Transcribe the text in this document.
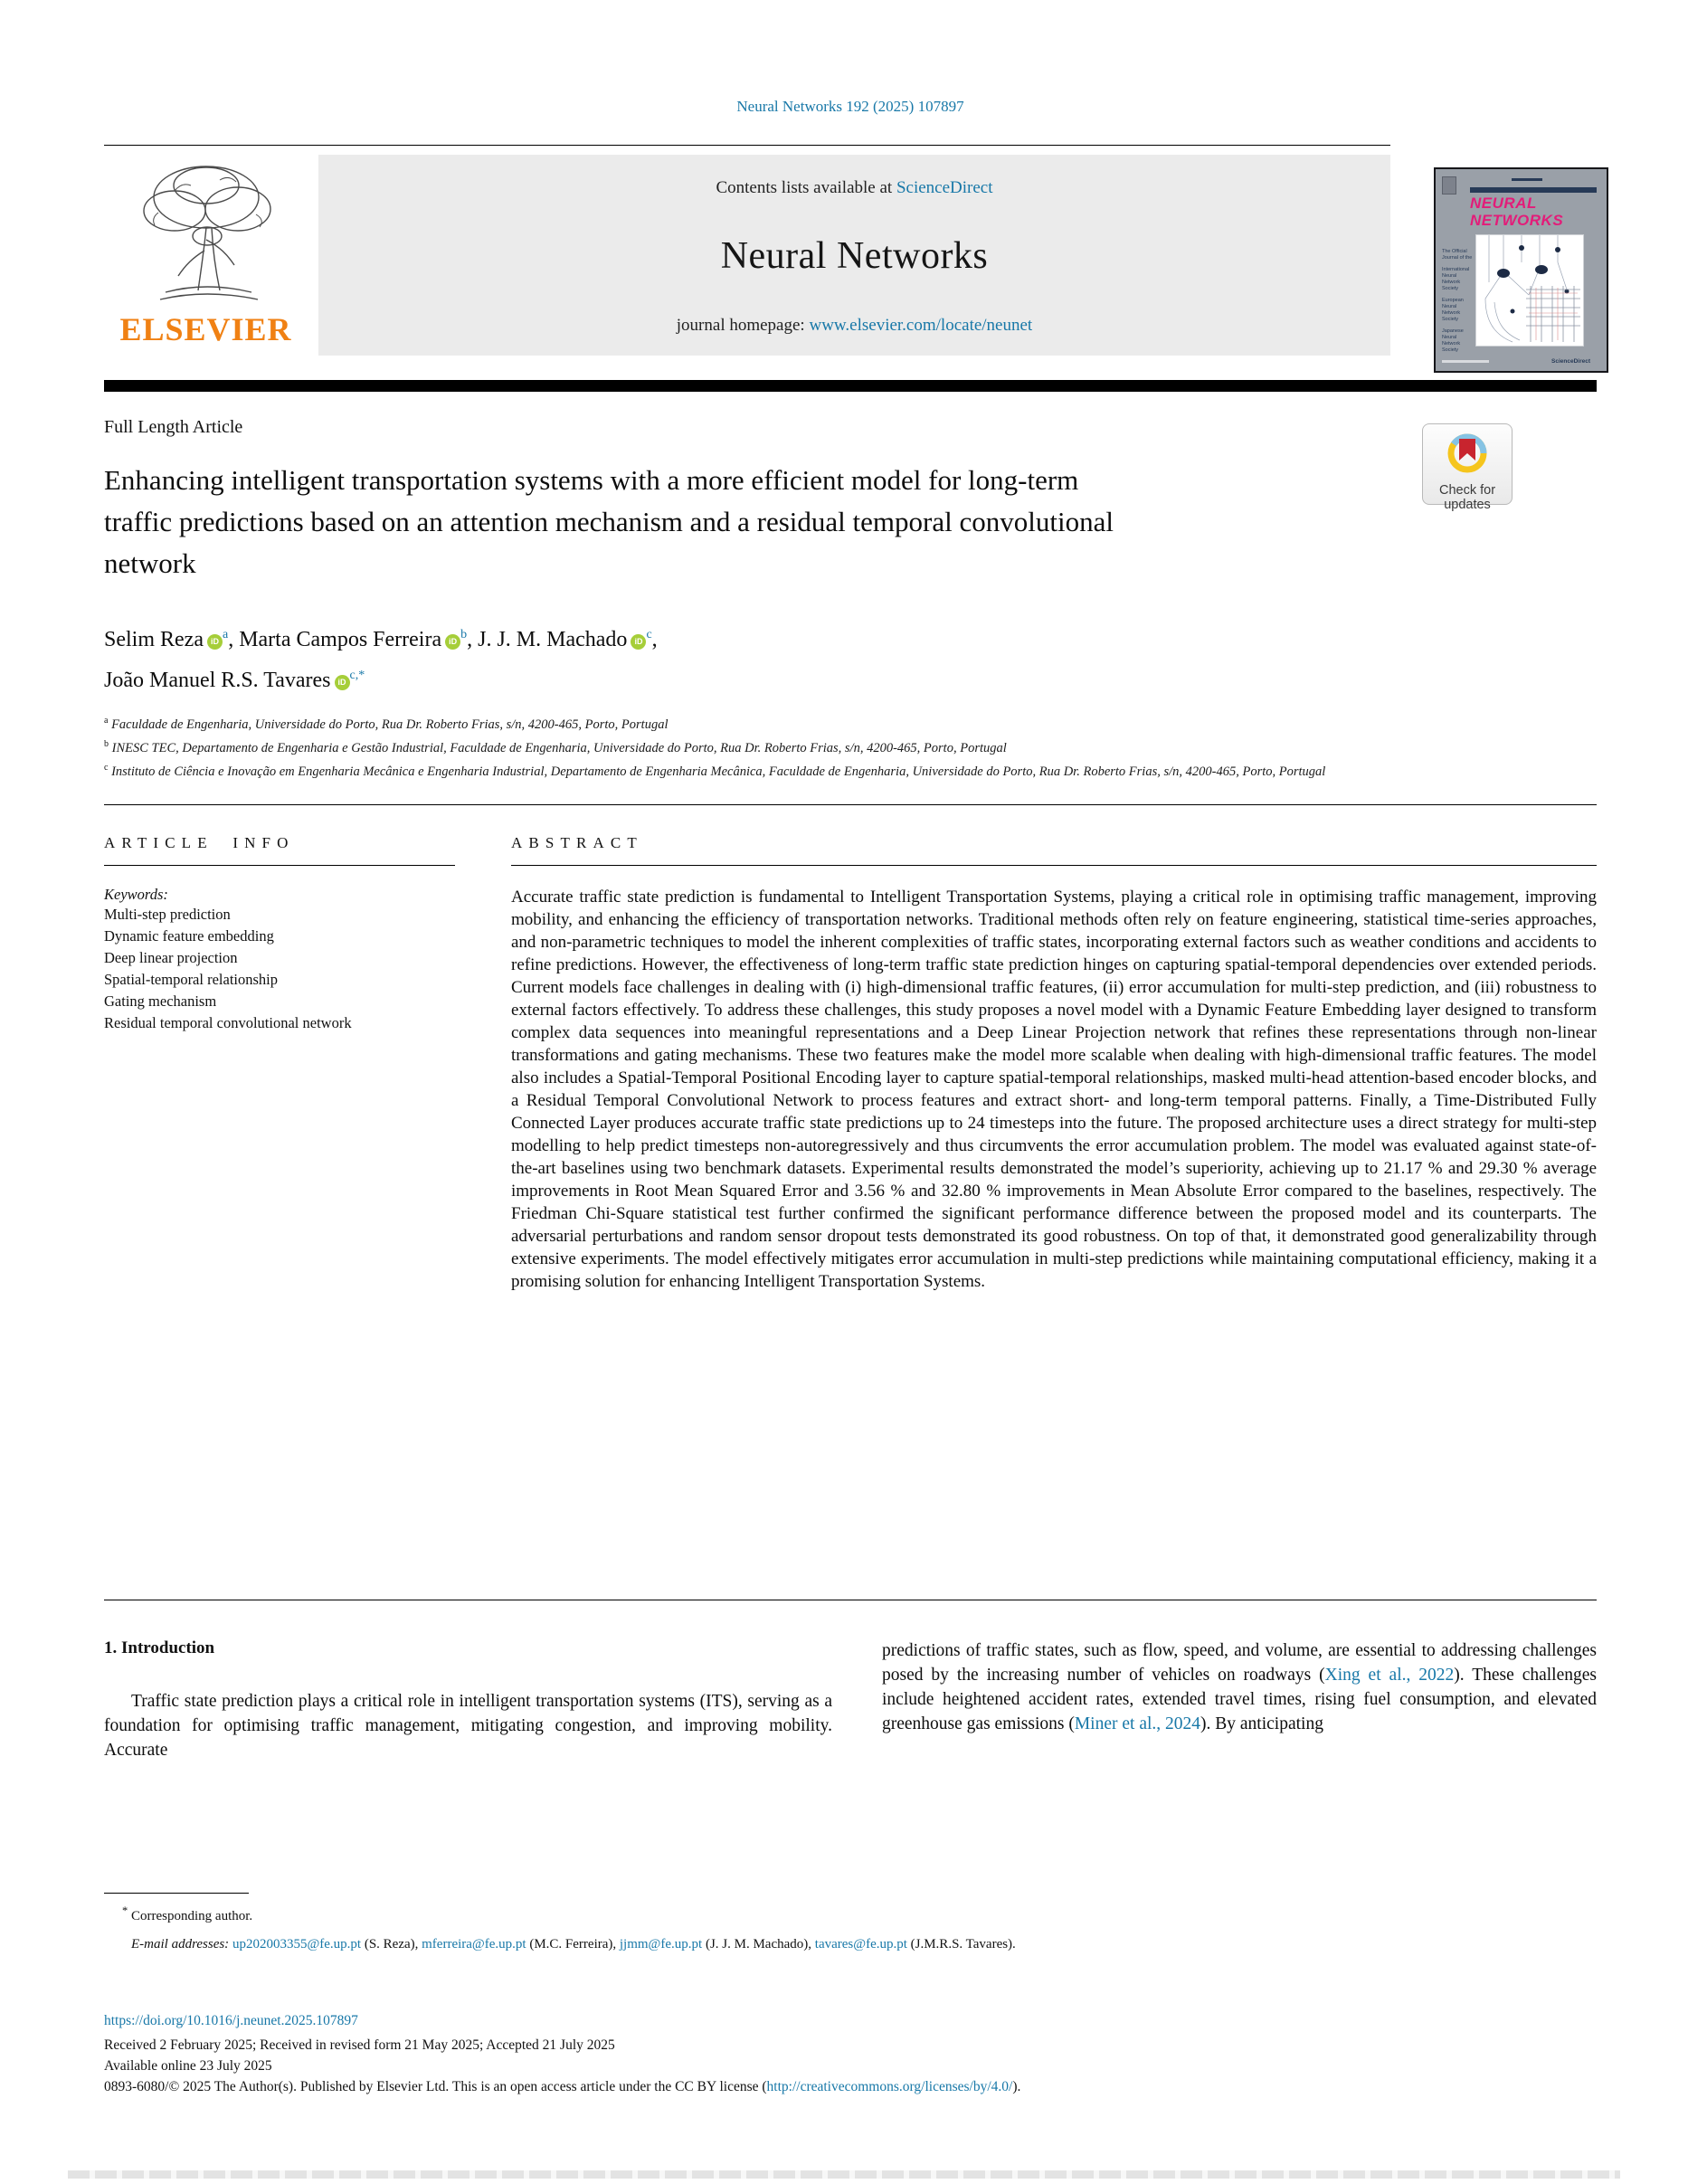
Neural Networks 192 (2025) 107897
ELSEVIER
Contents lists available at ScienceDirect
Neural Networks
journal homepage: www.elsevier.com/locate/neunet
NEURAL
NETWORKS
The Official Journal of the
International Neural Network Society
European Neural Network Society
Japanese Neural Network Society
ScienceDirect
Check for
updates
Full Length Article
Enhancing intelligent transportation systems with a more efficient model for long-term traffic predictions based on an attention mechanism and a residual temporal convolutional network
Selim Reza iD $^a$, Marta Campos Ferreira iD $^b$, J. J. M. Machado iD $^c$,
João Manuel R.S. Tavares iD $^{c,*}$
$^a$ Faculdade de Engenharia, Universidade do Porto, Rua Dr. Roberto Frias, s/n, 4200-465, Porto, Portugal
$^b$ INESC TEC, Departamento de Engenharia e Gestão Industrial, Faculdade de Engenharia, Universidade do Porto, Rua Dr. Roberto Frias, s/n, 4200-465, Porto, Portugal
$^c$ Instituto de Ciência e Inovação em Engenharia Mecânica e Engenharia Industrial, Departamento de Engenharia Mecânica, Faculdade de Engenharia, Universidade do Porto, Rua Dr. Roberto Frias, s/n, 4200-465, Porto, Portugal
ARTICLE INFO
Keywords:
Multi-step prediction
Dynamic feature embedding
Deep linear projection
Spatial-temporal relationship
Gating mechanism
Residual temporal convolutional network
ABSTRACT

Accurate traffic state prediction is fundamental to Intelligent Transportation Systems, playing a critical role in optimising traffic management, improving mobility, and enhancing the efficiency of transportation networks. Traditional methods often rely on feature engineering, statistical time-series approaches, and non-parametric techniques to model the inherent complexities of traffic states, incorporating external factors such as weather conditions and accidents to refine predictions. However, the effectiveness of long-term traffic state prediction hinges on capturing spatial-temporal dependencies over extended periods. Current models face challenges in dealing with (i) high-dimensional traffic features, (ii) error accumulation for multi-step prediction, and (iii) robustness to external factors effectively. To address these challenges, this study proposes a novel model with a Dynamic Feature Embedding layer designed to transform complex data sequences into meaningful representations and a Deep Linear Projection network that refines these representations through non-linear transformations and gating mechanisms. These two features make the model more scalable when dealing with high-dimensional traffic features. The model also includes a Spatial-Temporal Positional Encoding layer to capture spatial-temporal relationships, masked multi-head attention-based encoder blocks, and a Residual Temporal Convolutional Network to process features and extract short- and long-term temporal patterns. Finally, a Time-Distributed Fully Connected Layer produces accurate traffic state predictions up to 24 timesteps into the future. The proposed architecture uses a direct strategy for multi-step modelling to help predict timesteps non-autoregressively and thus circumvents the error accumulation problem. The model was evaluated against state-of-the-art baselines using two benchmark datasets. Experimental results demonstrated the model’s superiority, achieving up to 21.17 % and 29.30 % average improvements in Root Mean Squared Error and 3.56 % and 32.80 % improvements in Mean Absolute Error compared to the baselines, respectively. The Friedman Chi-Square statistical test further confirmed the significant performance difference between the proposed model and its counterparts. The adversarial perturbations and random sensor dropout tests demonstrated its good robustness. On top of that, it demonstrated good generalizability through extensive experiments. The model effectively mitigates error accumulation in multi-step predictions while maintaining computational efficiency, making it a promising solution for enhancing Intelligent Transportation Systems.

1. Introduction

Traffic state prediction plays a critical role in intelligent transportation systems (ITS), serving as a foundation for optimising traffic management, mitigating congestion, and improving mobility. Accurate

predictions of traffic states, such as flow, speed, and volume, are essential to addressing challenges posed by the increasing number of vehicles on roadways (Xing et al., 2022). These challenges include heightened accident rates, extended travel times, rising fuel consumption, and elevated greenhouse gas emissions (Miner et al., 2024). By anticipating

* Corresponding author.
E-mail addresses: up202003355@fe.up.pt (S. Reza), mferreira@fe.up.pt (M.C. Ferreira), jjmm@fe.up.pt (J. J. M. Machado), tavares@fe.up.pt (J.M.R.S. Tavares).
https://doi.org/10.1016/j.neunet.2025.107897
Received 2 February 2025; Received in revised form 21 May 2025; Accepted 21 July 2025
Available online 23 July 2025
0893-6080/© 2025 The Author(s). Published by Elsevier Ltd. This is an open access article under the CC BY license (http://creativecommons.org/licenses/by/4.0/).
